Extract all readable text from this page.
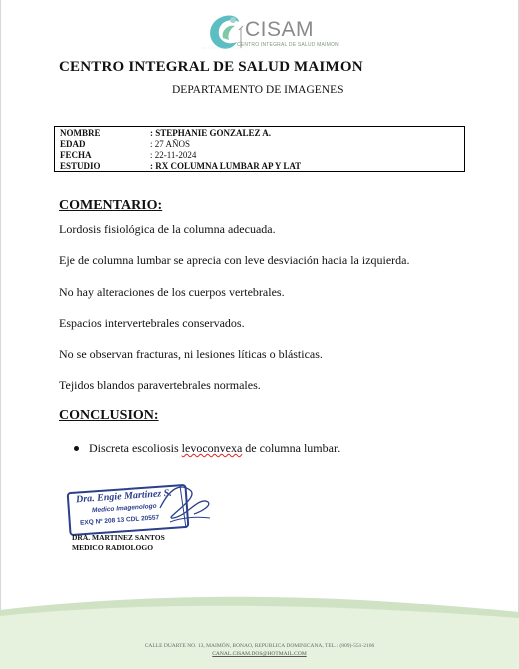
CISAM
CENTRO INTEGRAL DE SALUD MAIMON
CENTRO INTEGRAL DE SALUD MAIMON
DEPARTAMENTO DE IMAGENES
NOMBRE	: STEPHANIE GONZALEZ A.
EDAD	: 27 AÑOS
FECHA	: 22-11-2024
ESTUDIO	: RX COLUMNA LUMBAR AP Y LAT
COMENTARIO:
Lordosis fisiológica de la columna adecuada.
Eje de columna lumbar se aprecia con leve desviación hacia la izquierda.
No hay alteraciones de los cuerpos vertebrales.
Espacios intervertebrales conservados.
No se observan fracturas, ni lesiones líticas o blásticas.
Tejidos blandos paravertebrales normales.
CONCLUSION:
Discreta escoliosis levoconvexa de columna lumbar.
Dra. Engie Martinez S.
Medico Imagenologo
EXQ Nº 208 13 CDL 20557
DRA. MARTINEZ SANTOS
MEDICO RADIOLOGO
CALLE DUARTE NO. 13, MAIMÓN, BONAO, REPUBLICA DOMINICANA, TEL.: (809)-551-2106
CANAL.CISAM.DOS@HOTMAIL.COM
